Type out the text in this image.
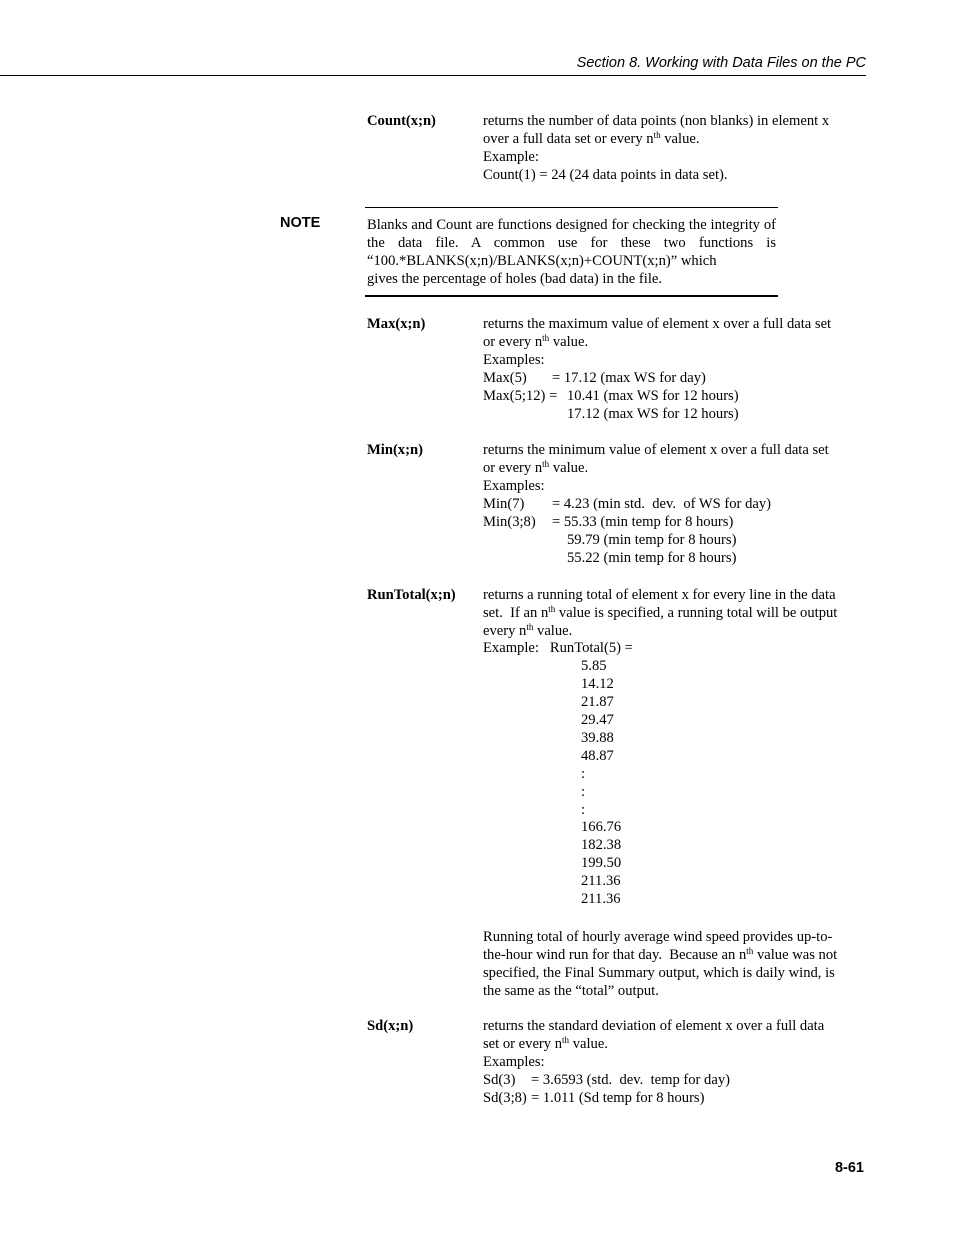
Section 8. Working with Data Files on the PC
Count(x;n)	returns the number of data points (non blanks) in element x
over a full data set or every $n^{th}$ value.
Example:
Count(1) = 24 (24 data points in data set).
NOTE	Blanks and Count are functions designed for checking the integrity of the data file. A common use for these two functions is “100.*BLANKS(x;n)/BLANKS(x;n)+COUNT(x;n)” which
gives the percentage of holes (bad data) in the file.
Max(x;n)	returns the maximum value of element x over a full data set
or every $n^{th}$ value.
Examples:
Max(5) = 17.12 (max WS for day)
Max(5;12) = 10.41 (max WS for 12 hours)
17.12 (max WS for 12 hours)
Min(x;n)	returns the minimum value of element x over a full data set
or every $n^{th}$ value.
Examples:
Min(7) = 4.23 (min std.  dev.  of WS for day)
Min(3;8) = 55.33 (min temp for 8 hours)
59.79 (min temp for 8 hours)
55.22 (min temp for 8 hours)
RunTotal(x;n) returns a running total of element x for every line in the data
set.  If an $n^{th}$ value is specified, a running total will be output
every $n^{th}$ value.
Example:   RunTotal(5) =
5.85
14.12
21.87
29.47
39.88
48.87
:
:
:
166.76
182.38
199.50
211.36
211.36
Running total of hourly average wind speed provides up-to-
the-hour wind run for that day.  Because an $n^{th}$ value was not
specified, the Final Summary output, which is daily wind, is
the same as the “total” output.
Sd(x;n)	returns the standard deviation of element x over a full data
set or every $n^{th}$ value.
Examples:
Sd(3) = 3.6593 (std.  dev.  temp for day)
Sd(3;8) = 1.011 (Sd temp for 8 hours)
8-61
